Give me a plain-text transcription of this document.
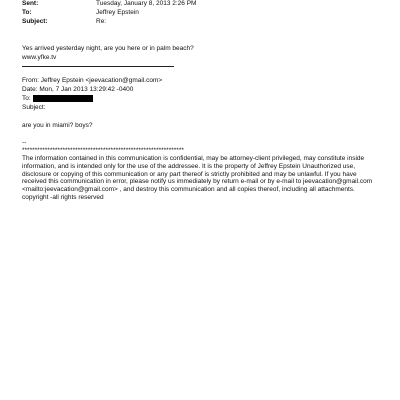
Sent:	Tuesday, January 8, 2013 2:26 PM
To:	Jeffrey Epstein
Subject:	Re:
Yes arrived yesterday night, are you here or in palm beach?
www.yfke.tv
From: Jeffrey Epstein <jeevacation@gmail.com>
Date: Mon, 7 Jan 2013 13:29:42 -0400
To:
Subject:
are you in miami? boys?
--
****************************************************************

The information contained in this communication is confidential, may be attorney-client privileged, may constitute inside information, and is intended only for the use of the addressee. It is the property of Jeffrey Epstein Unauthorized use, disclosure or copying of this communication or any part thereof is strictly prohibited and may be unlawful. If you have received this communication in error, please notify us immediately by return e-mail or by e-mail to jeevacation@gmail.com <mailto:jeevacation@gmail.com> , and destroy this communication and all copies thereof, including all attachments. copyright -all rights reserved
